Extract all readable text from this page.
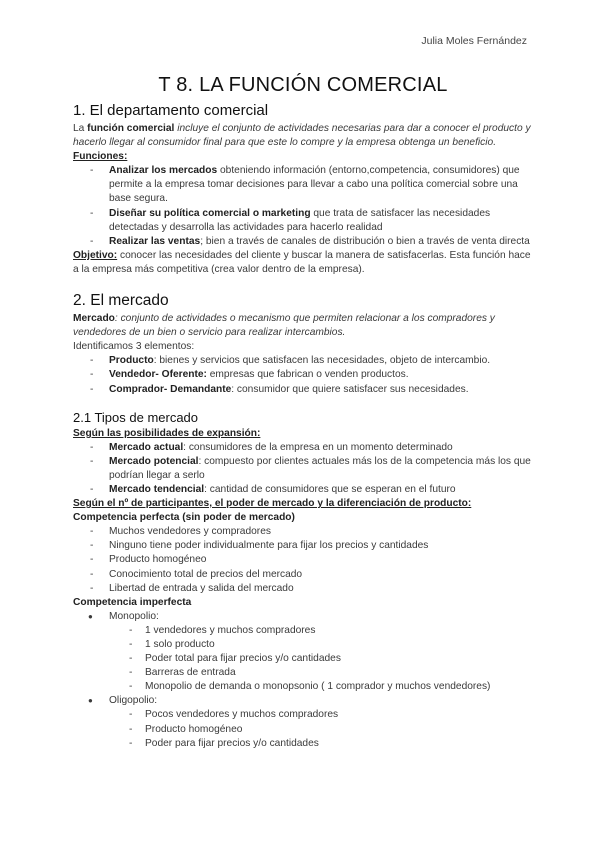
Julia Moles Fernández
T 8. LA FUNCIÓN COMERCIAL
1. El departamento comercial

La función comercial incluye el conjunto de actividades necesarias para dar a conocer el producto y hacerlo llegar al consumidor final para que este lo compre y la empresa obtenga un beneficio.

Funciones:

- Analizar los mercados obteniendo información (entorno,competencia, consumidores) que permite a la empresa tomar decisiones para llevar a cabo una política comercial sobre una base segura.
- Diseñar su política comercial o marketing que trata de satisfacer las necesidades detectadas y desarrolla las actividades para hacerlo realidad
- Realizar las ventas; bien a través de canales de distribución o bien a través de venta directa

Objetivo: conocer las necesidades del cliente y buscar la manera de satisfacerlas. Esta función hace a la empresa más competitiva (crea valor dentro de la empresa).

2. El mercado

Mercado: conjunto de actividades o mecanismo que permiten relacionar a los compradores y vendedores de un bien o servicio para realizar intercambios.

Identificamos 3 elementos:

- Producto: bienes y servicios que satisfacen las necesidades, objeto de intercambio.
- Vendedor- Oferente: empresas que fabrican o venden productos.
- Comprador- Demandante: consumidor que quiere satisfacer sus necesidades.
2.1 Tipos de mercado

Según las posibilidades de expansión:

- Mercado actual: consumidores de la empresa en un momento determinado
- Mercado potencial: compuesto por clientes actuales más los de la competencia más los que podrían llegar a serlo
- Mercado tendencial: cantidad de consumidores que se esperan en el futuro

Según el nº de participantes, el poder de mercado y la diferenciación de producto:

Competencia perfecta (sin poder de mercado)

- Muchos vendedores y compradores
- Ninguno tiene poder individualmente para fijar los precios y cantidades
- Producto homogéneo
- Conocimiento total de precios del mercado
- Libertad de entrada y salida del mercado

Competencia imperfecta

● Monopolio:
- 1 vendedores y muchos compradores
- 1 solo producto
- Poder total para fijar precios y/o cantidades
- Barreras de entrada
- Monopolio de demanda o monopsonio ( 1 comprador y muchos vendedores)
● Oligopolio:
- Pocos vendedores y muchos compradores
- Producto homogéneo
- Poder para fijar precios y/o cantidades
